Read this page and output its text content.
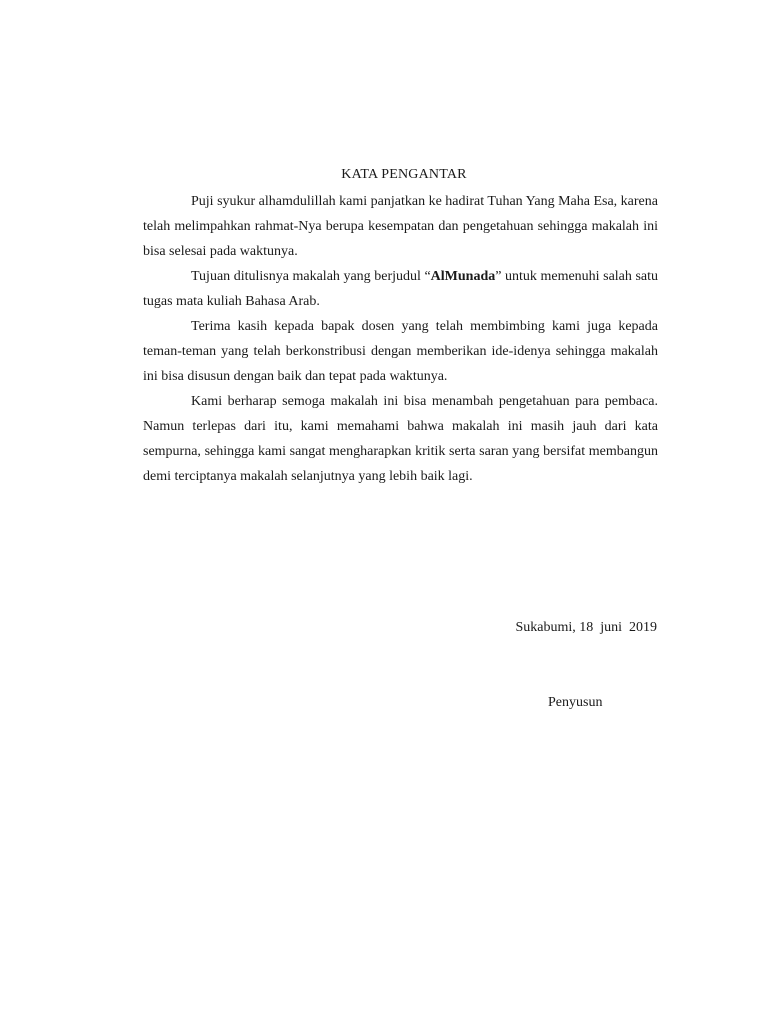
KATA PENGANTAR

Puji syukur alhamdulillah kami panjatkan ke hadirat Tuhan Yang Maha Esa, karena telah melimpahkan rahmat-Nya berupa kesempatan dan pengetahuan sehingga makalah ini bisa selesai pada waktunya.

Tujuan ditulisnya makalah yang berjudul “AlMunada” untuk memenuhi salah satu tugas mata kuliah Bahasa Arab.

Terima kasih kepada bapak dosen yang telah membimbing kami juga kepada teman-teman yang telah berkonstribusi dengan memberikan ide-idenya sehingga makalah ini bisa disusun dengan baik dan tepat pada waktunya.

Kami berharap semoga makalah ini bisa menambah pengetahuan para pembaca. Namun terlepas dari itu, kami memahami bahwa makalah ini masih jauh dari kata sempurna, sehingga kami sangat mengharapkan kritik serta saran yang bersifat membangun demi terciptanya makalah selanjutnya yang lebih baik lagi.

Sukabumi, 18  juni  2019
Penyusun
